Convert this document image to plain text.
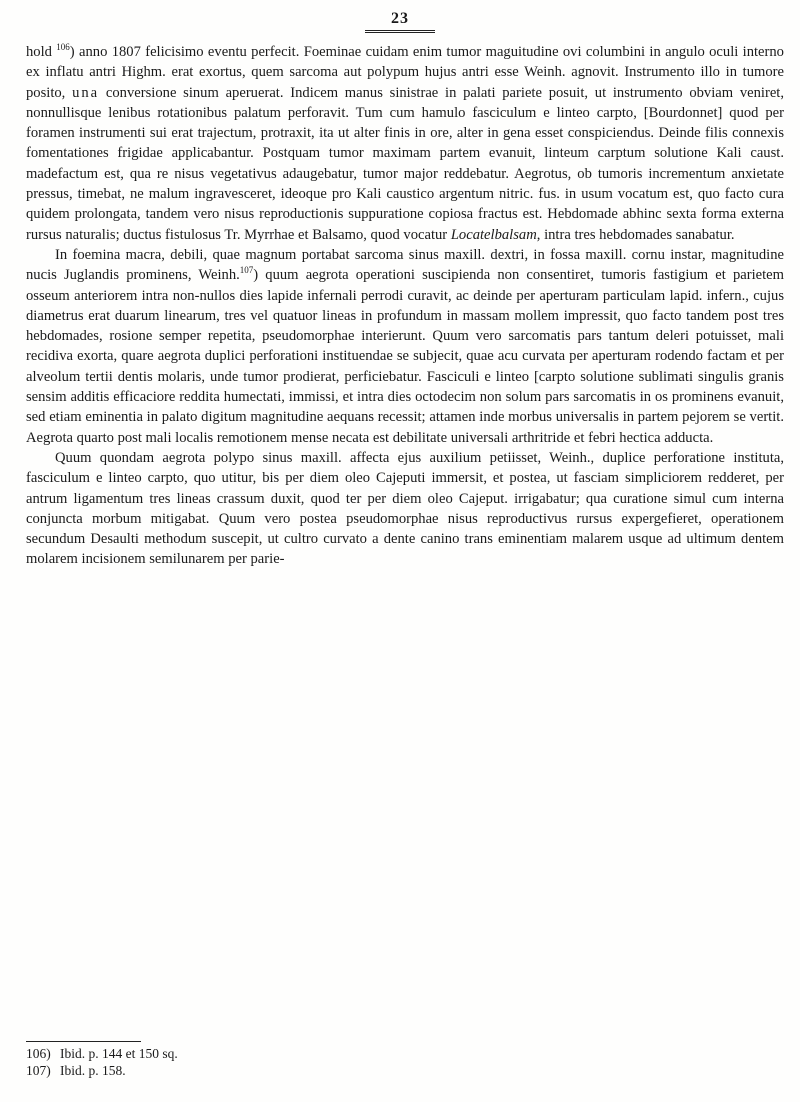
23

hold $^{106}$) anno 1807 felicisimo eventu perfecit. Foeminae cuidam enim tumor maguitudine ovi columbini in angulo oculi interno ex inflatu antri Highm. erat exortus, quem sarcoma aut polypum hujus antri esse Weinh. agnovit. Instrumento illo in tumore posito, una conversione sinum aperuerat. Indicem manus sinistrae in palati pariete posuit, ut instrumento obviam veniret, nonnullisque lenibus rotationibus palatum perforavit. Tum cum hamulo fasciculum e linteo carpto, [Bourdonnet] quod per foramen instrumenti sui erat trajectum, protraxit, ita ut alter finis in ore, alter in gena esset conspiciendus. Deinde filis connexis fomentationes frigidae applicabantur. Postquam tumor maximam partem evanuit, linteum carptum solutione Kali caust. madefactum est, qua re nisus vegetativus adaugebatur, tumor major reddebatur. Aegrotus, ob tumoris incrementum anxietate pressus, timebat, ne malum ingravesceret, ideoque pro Kali caustico argentum nitric. fus. in usum vocatum est, quo facto cura quidem prolongata, tandem vero nisus reproductionis suppuratione copiosa fractus est. Hebdomade abhinc sexta forma externa rursus naturalis; ductus fistulosus Tr. Myrrhae et Balsamo, quod vocatur Locatelbalsam, intra tres hebdomades sanabatur.

In foemina macra, debili, quae magnum portabat sarcoma sinus maxill. dextri, in fossa maxill. cornu instar, magnitudine nucis Juglandis prominens, Weinh.$^{107}$) quum aegrota operationi suscipienda non consentiret, tumoris fastigium et parietem osseum anteriorem intra non-nullos dies lapide infernali perrodi curavit, ac deinde per aperturam particulam lapid. infern., cujus diametrus erat duarum linearum, tres vel quatuor lineas in profundum in massam mollem impressit, quo facto tandem post tres hebdomades, rosione semper repetita, pseudomorphae interierunt. Quum vero sarcomatis pars tantum deleri potuisset, mali recidiva exorta, quare aegrota duplici perforationi instituendae se subjecit, quae acu curvata per aperturam rodendo factam et per alveolum tertii dentis molaris, unde tumor prodierat, perficiebatur. Fasciculi e linteo [carpto solutione sublimati singulis granis sensim additis efficaciore reddita humectati, immissi, et intra dies octodecim non solum pars sarcomatis in os prominens evanuit, sed etiam eminentia in palato digitum magnitudine aequans recessit; attamen inde morbus universalis in partem pejorem se vertit. Aegrota quarto post mali localis remotionem mense necata est debilitate universali arthritride et febri hectica adducta.

Quum quondam aegrota polypo sinus maxill. affecta ejus auxilium petiisset, Weinh., duplice perforatione instituta, fasciculum e linteo carpto, quo utitur, bis per diem oleo Cajeputi immersit, et postea, ut fasciam simpliciorem redderet, per antrum ligamentum tres lineas crassum duxit, quod ter per diem oleo Cajeput. irrigabatur; qua curatione simul cum interna conjuncta morbum mitigabat. Quum vero postea pseudomorphae nisus reproductivus rursus expergefieret, operationem secundum Desaulti methodum suscepit, ut cultro curvato a dente canino trans eminentiam malarem usque ad ultimum dentem molarem incisionem semilunarem per parie-

106) Ibid. p. 144 et 150 sq.
107) Ibid. p. 158.
